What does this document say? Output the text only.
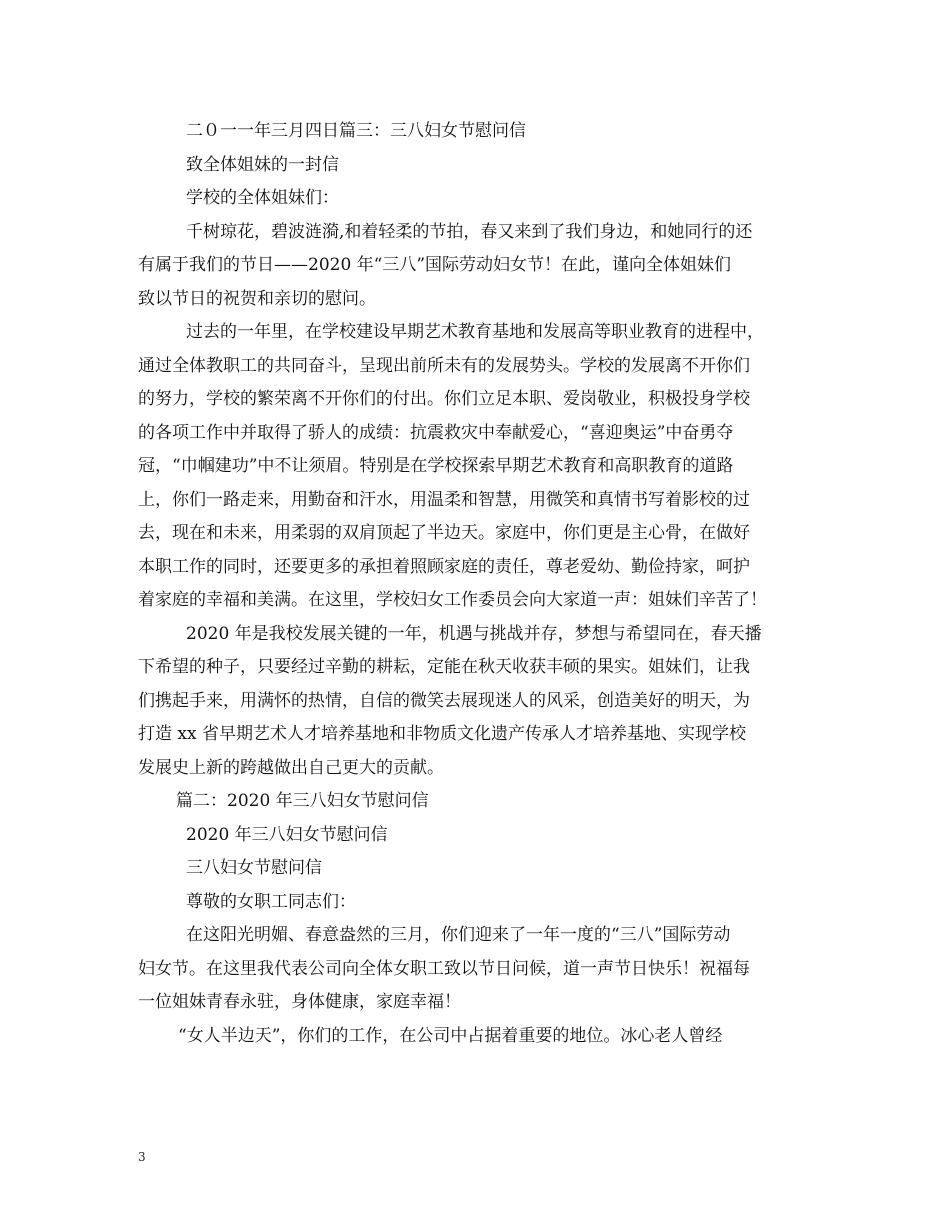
二０一一年三月四日篇三：三八妇女节慰问信

致全体姐妹的一封信

学校的全体姐妹们：

千树琼花，碧波涟漪,和着轻柔的节拍，春又来到了我们身边，和她同行的还

有属于我们的节日——2020 年“三八”国际劳动妇女节！在此，谨向全体姐妹们

致以节日的祝贺和亲切的慰问。

过去的一年里，在学校建设早期艺术教育基地和发展高等职业教育的进程中，

通过全体教职工的共同奋斗，呈现出前所未有的发展势头。学校的发展离不开你们

的努力，学校的繁荣离不开你们的付出。你们立足本职、爱岗敬业，积极投身学校

的各项工作中并取得了骄人的成绩：抗震救灾中奉献爱心，“喜迎奥运”中奋勇夺

冠，“巾帼建功”中不让须眉。特别是在学校探索早期艺术教育和高职教育的道路

上，你们一路走来，用勤奋和汗水，用温柔和智慧，用微笑和真情书写着影校的过

去，现在和未来，用柔弱的双肩顶起了半边天。家庭中，你们更是主心骨，在做好

本职工作的同时，还要更多的承担着照顾家庭的责任，尊老爱幼、勤俭持家，呵护

着家庭的幸福和美满。在这里，学校妇女工作委员会向大家道一声：姐妹们辛苦了！

2020 年是我校发展关键的一年，机遇与挑战并存，梦想与希望同在，春天播

下希望的种子，只要经过辛勤的耕耘，定能在秋天收获丰硕的果实。姐妹们，让我

们携起手来，用满怀的热情，自信的微笑去展现迷人的风采，创造美好的明天，为

打造 xx 省早期艺术人才培养基地和非物质文化遗产传承人才培养基地、实现学校

发展史上新的跨越做出自己更大的贡献。

篇二：2020 年三八妇女节慰问信

2020 年三八妇女节慰问信

三八妇女节慰问信

尊敬的女职工同志们：

在这阳光明媚、春意盎然的三月，你们迎来了一年一度的“三八”国际劳动

妇女节。在这里我代表公司向全体女职工致以节日问候，道一声节日快乐！祝福每

一位姐妹青春永驻，身体健康，家庭幸福！

“女人半边天”，你们的工作，在公司中占据着重要的地位。冰心老人曾经

3
